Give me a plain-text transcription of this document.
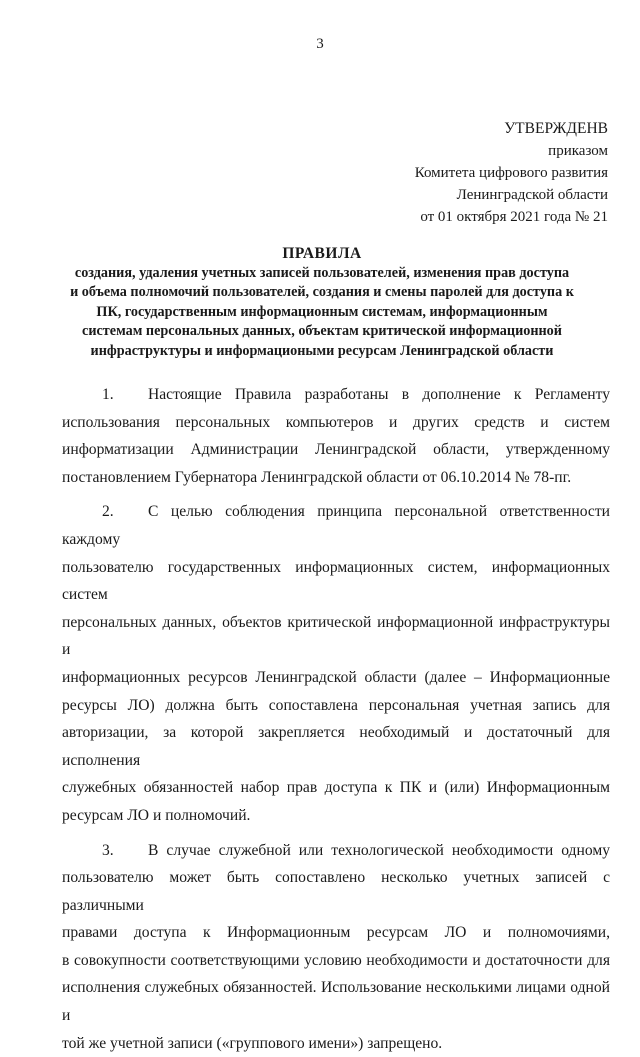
3
УТВЕРЖДЕНВ
приказом
Комитета цифрового развития
Ленинградской области
от 01 октября 2021 года № 21
ПРАВИЛА
создания, удаления учетных записей пользователей, изменения прав доступа
и объема полномочий пользователей, создания и смены паролей для доступа к
ПК, государственным информационным системам, информационным
системам персональных данных, объектам критической информационной
инфраструктуры и информациоными ресурсам Ленинградской области
1. Настоящие Правила разработаны в дополнение к Регламенту
использования персональных компьютеров и других средств и систем
информатизации Администрации Ленинградской области, утвержденному
постановлением Губернатора Ленинградской области от 06.10.2014 № 78-пг.
2. С целью соблюдения принципа персональной ответственности каждому
пользователю государственных информационных систем, информационных систем
персональных данных, объектов критической информационной инфраструктуры и
информационных ресурсов Ленинградской области (далее – Информационные
ресурсы ЛО) должна быть сопоставлена персональная учетная запись для
авторизации, за которой закрепляется необходимый и достаточный для исполнения
служебных обязанностей набор прав доступа к ПК и (или) Информационным
ресурсам ЛО и полномочий.
3. В случае служебной или технологической необходимости одному
пользователю может быть сопоставлено несколько учетных записей с различными
правами доступа к Информационным ресурсам ЛО и полномочиями,
в совокупности соответствующими условию необходимости и достаточности для
исполнения служебных обязанностей. Использование несколькими лицами одной и
той же учетной записи («группового имени») запрещено.
